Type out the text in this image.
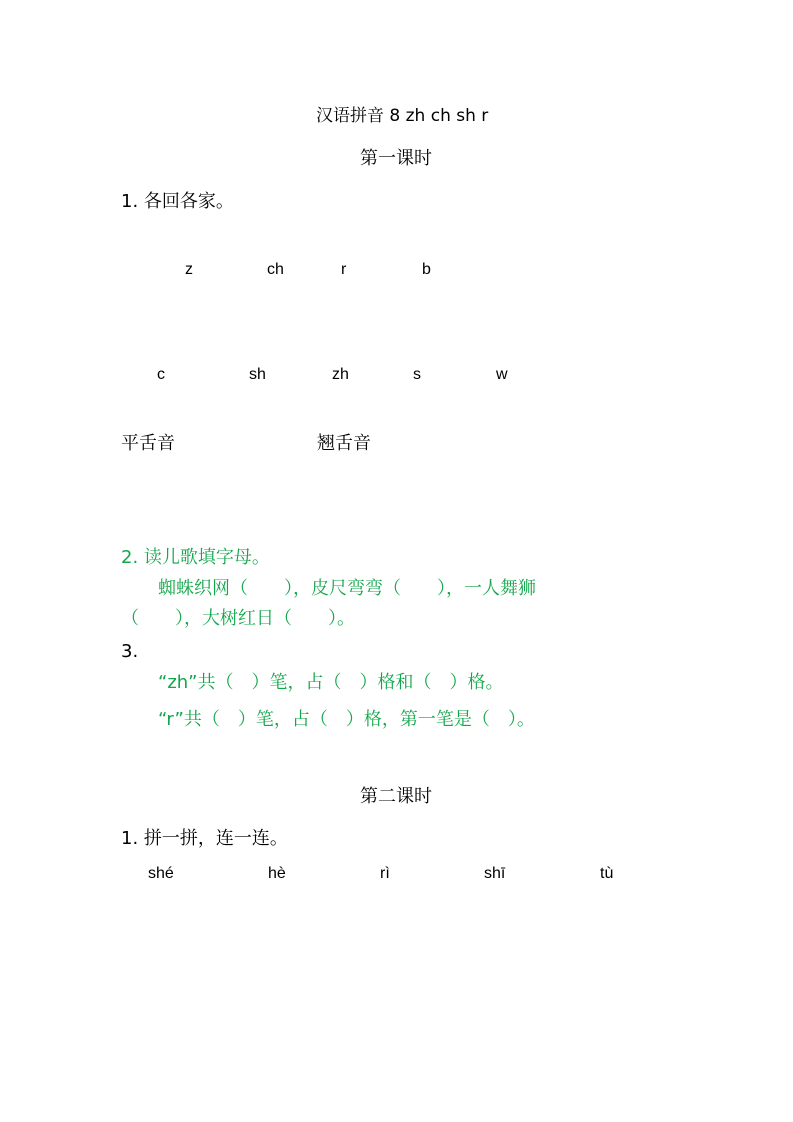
汉语拼音 8 zh ch sh r
第一课时
1. 各回各家。
z	ch	r	b
c	sh	zh	s	w
平舌音	翘舌音
2. 读儿歌填字母。
蜘蛛织网（　　），皮尺弯弯（　　），一人舞狮
（　　），大树红日（　　）。
3.
“zh”共（　）笔，占（　）格和（　）格。
“r”共（　）笔，占（　）格，第一笔是（　）。
第二课时
1. 拼一拼，连一连。
shé	hè	rì	shī	tù
